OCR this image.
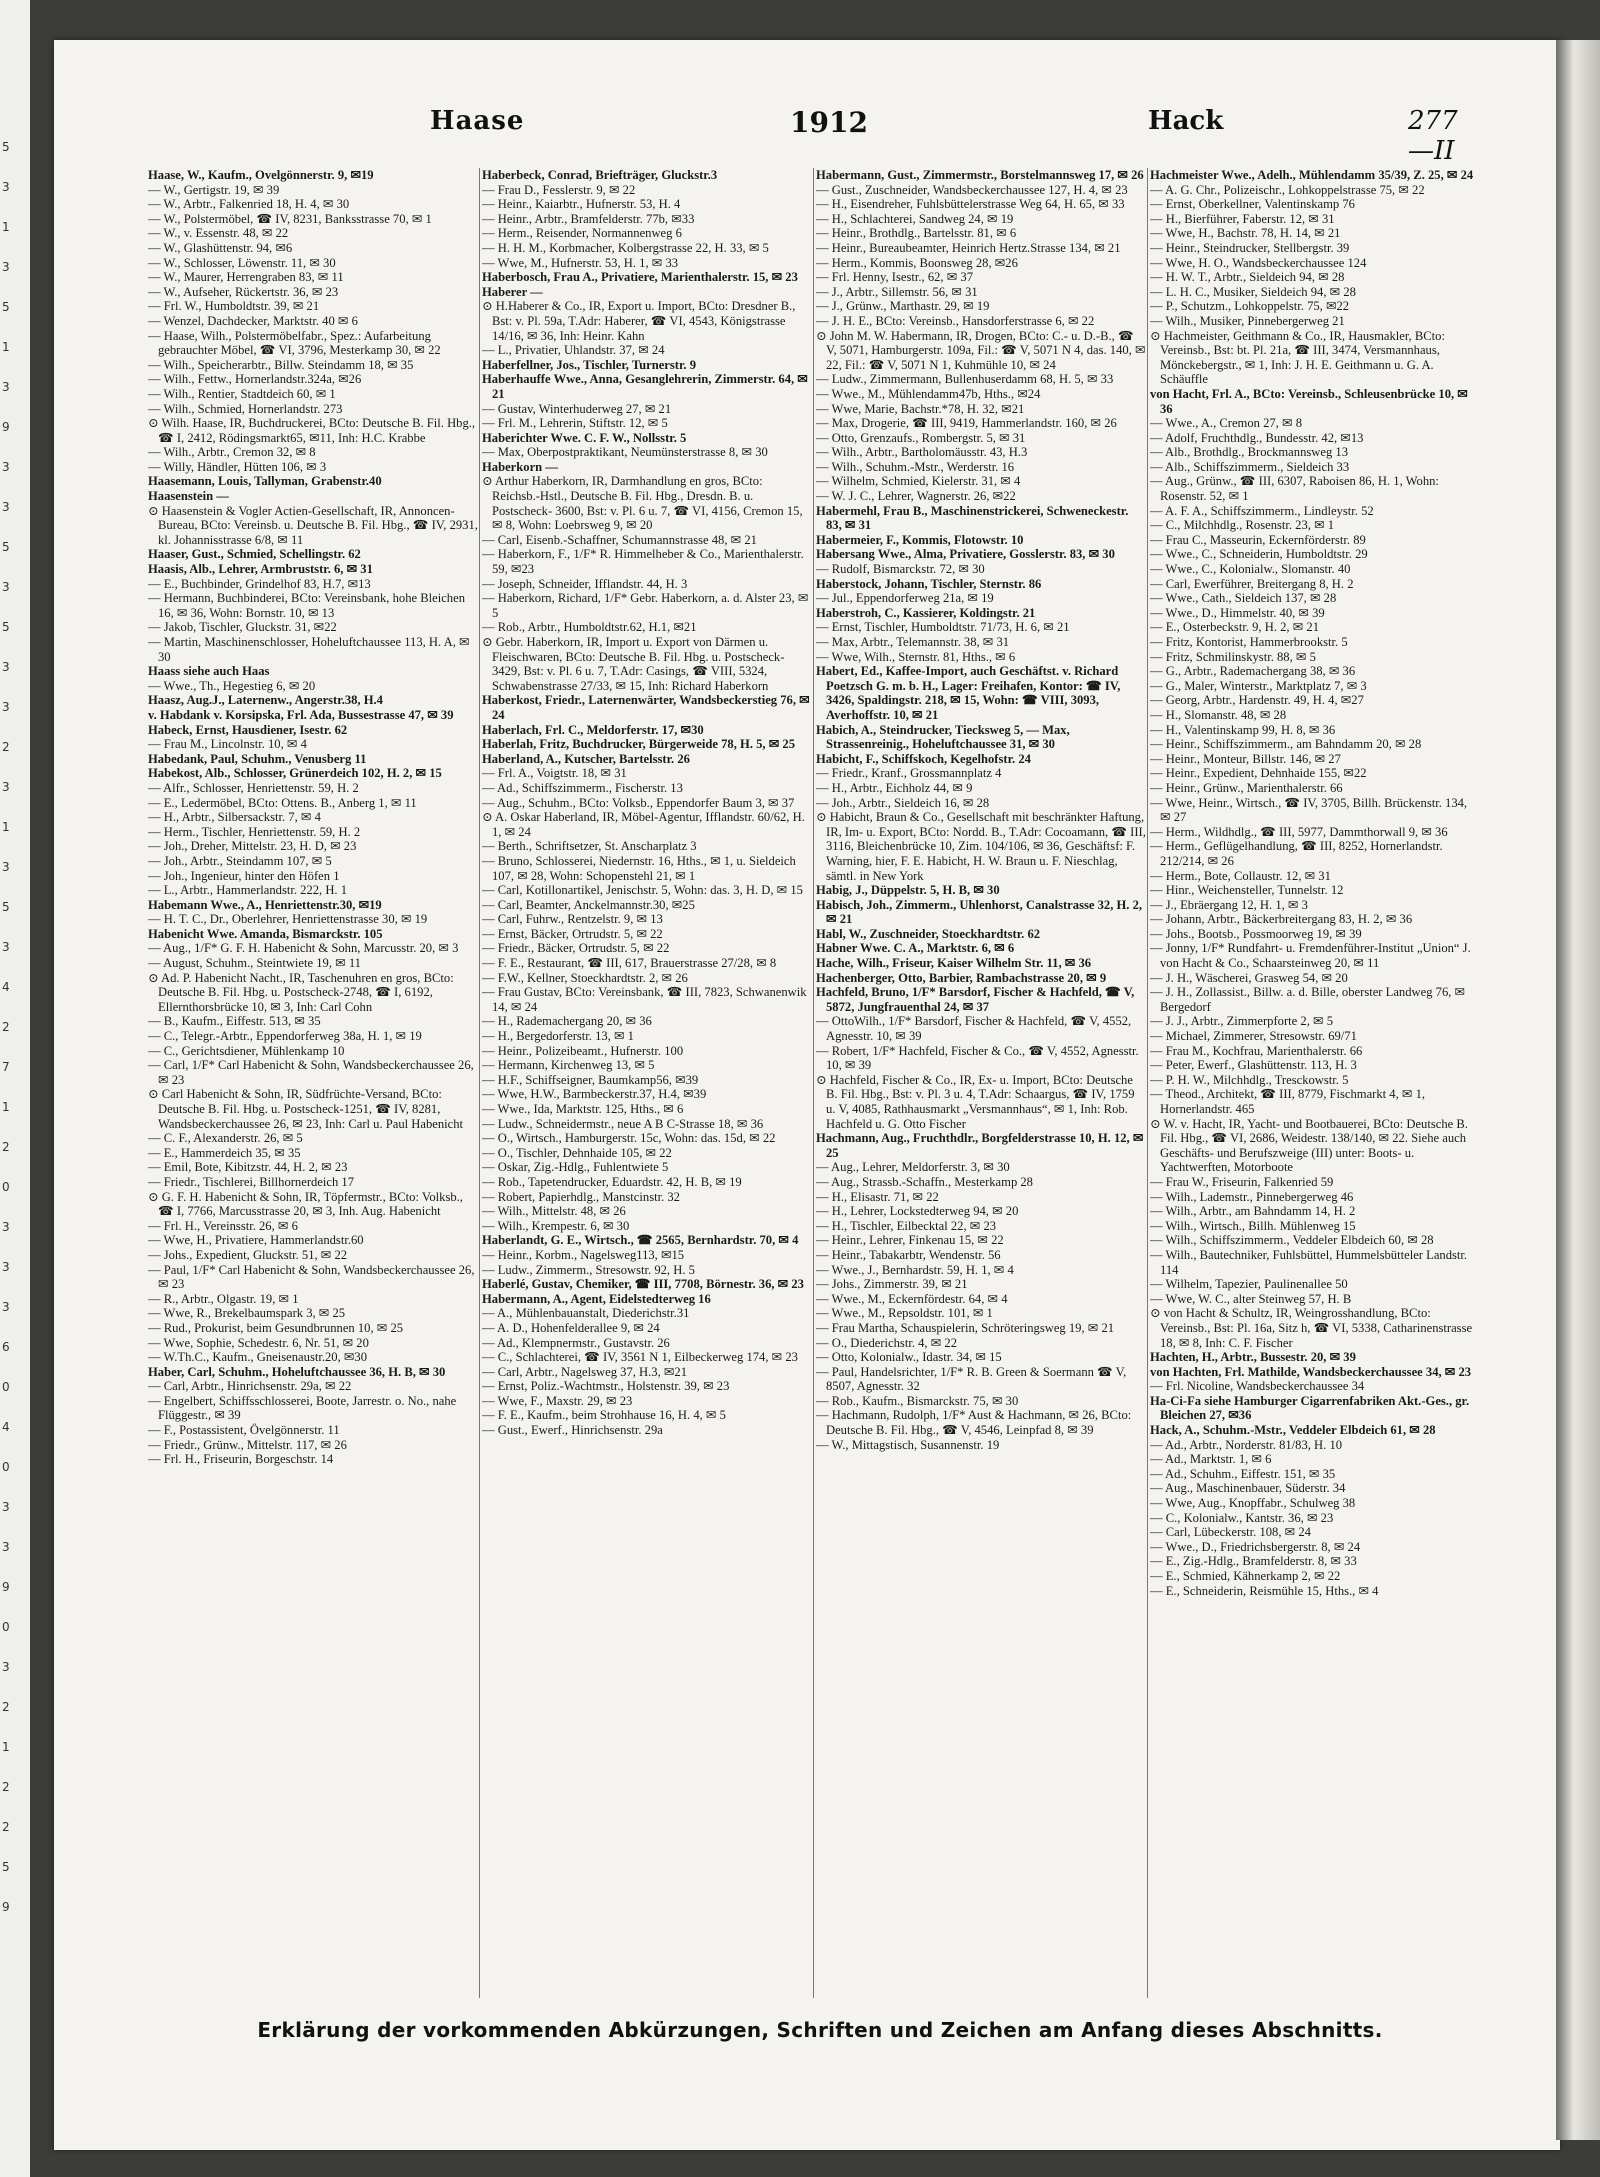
5
3
1
3
5
1
3
9
3
3
5
3
5
3
3
2
3
1
3
5
3
4
2
7
1
2
0
3
3
3
6
0
4
0
3
3
9
0
3
2
1
2
2
5
9
Haase	1912	Hack	277—II

Haase, W., Kaufm., Ovelgönnerstr. 9, ✉19

— W., Gertigstr. 19, ✉ 39

— W., Arbtr., Falkenried 18, H. 4, ✉ 30

— W., Polstermöbel, ☎ IV, 8231, Banksstrasse 70, ✉ 1

— W., v. Essenstr. 48, ✉ 22

— W., Glashüttenstr. 94, ✉6

— W., Schlosser, Löwenstr. 11, ✉ 30

— W., Maurer, Herrengraben 83, ✉ 11

— W., Aufseher, Rückertstr. 36, ✉ 23

— Frl. W., Humboldtstr. 39, ✉ 21

— Wenzel, Dachdecker, Marktstr. 40 ✉ 6

— Haase, Wilh., Polstermöbelfabr., Spez.: Aufarbeitung gebrauchter Möbel, ☎ VI, 3796, Mesterkamp 30, ✉ 22

— Wilh., Speicherarbtr., Billw. Steindamm 18, ✉ 35

— Wilh., Fettw., Hornerlandstr.324a, ✉26

— Wilh., Rentier, Stadtdeich 60, ✉ 1

— Wilh., Schmied, Hornerlandstr. 273

⊙ Wilh. Haase, IR, Buchdruckerei, BCto: Deutsche B. Fil. Hbg., ☎ I, 2412, Rödingsmarkt65, ✉11, Inh: H.C. Krabbe

— Wilh., Arbtr., Cremon 32, ✉ 8

— Willy, Händler, Hütten 106, ✉ 3

Haasemann, Louis, Tallyman, Grabenstr.40

Haasenstein —

⊙ Haasenstein & Vogler Actien-Gesellschaft, IR, Annoncen-Bureau, BCto: Vereinsb. u. Deutsche B. Fil. Hbg., ☎ IV, 2931, kl. Johannisstrasse 6/8, ✉ 11

Haaser, Gust., Schmied, Schellingstr. 62

Haasis, Alb., Lehrer, Armbruststr. 6, ✉ 31

— E., Buchbinder, Grindelhof 83, H.7, ✉13

— Hermann, Buchbinderei, BCto: Vereinsbank, hohe Bleichen 16, ✉ 36, Wohn: Bornstr. 10, ✉ 13

— Jakob, Tischler, Gluckstr. 31, ✉22

— Martin, Maschinenschlosser, Hoheluftchaussee 113, H. A, ✉ 30

Haass siehe auch Haas

— Wwe., Th., Hegestieg 6, ✉ 20

Haasz, Aug.J., Laternenw., Angerstr.38, H.4

v. Habdank v. Korsipska, Frl. Ada, Bussestrasse 47, ✉ 39

Habeck, Ernst, Hausdiener, Isestr. 62

— Frau M., Lincolnstr. 10, ✉ 4

Habedank, Paul, Schuhm., Venusberg 11

Habekost, Alb., Schlosser, Grünerdeich 102, H. 2, ✉ 15

— Alfr., Schlosser, Henriettenstr. 59, H. 2

— E., Ledermöbel, BCto: Ottens. B., Anberg 1, ✉ 11

— H., Arbtr., Silbersackstr. 7, ✉ 4

— Herm., Tischler, Henriettenstr. 59, H. 2

— Joh., Dreher, Mittelstr. 23, H. D, ✉ 23

— Joh., Arbtr., Steindamm 107, ✉ 5

— Joh., Ingenieur, hinter den Höfen 1

— L., Arbtr., Hammerlandstr. 222, H. 1

Habemann Wwe., A., Henriettenstr.30, ✉19

— H. T. C., Dr., Oberlehrer, Henriettenstrasse 30, ✉ 19

Habenicht Wwe. Amanda, Bismarckstr. 105

— Aug., 1/F* G. F. H. Habenicht & Sohn, Marcusstr. 20, ✉ 3

— August, Schuhm., Steintwiete 19, ✉ 11

⊙ Ad. P. Habenicht Nacht., IR, Taschenuhren en gros, BCto: Deutsche B. Fil. Hbg. u. Postscheck-2748, ☎ I, 6192, Ellernthorsbrücke 10, ✉ 3, Inh: Carl Cohn

— B., Kaufm., Eiffestr. 513, ✉ 35

— C., Telegr.-Arbtr., Eppendorferweg 38a, H. 1, ✉ 19

— C., Gerichtsdiener, Mühlenkamp 10

— Carl, 1/F* Carl Habenicht & Sohn, Wandsbeckerchaussee 26, ✉ 23

⊙ Carl Habenicht & Sohn, IR, Südfrüchte-Versand, BCto: Deutsche B. Fil. Hbg. u. Postscheck-1251, ☎ IV, 8281, Wandsbeckerchaussee 26, ✉ 23, Inh: Carl u. Paul Habenicht

— C. F., Alexanderstr. 26, ✉ 5

— E., Hammerdeich 35, ✉ 35

— Emil, Bote, Kibitzstr. 44, H. 2, ✉ 23

— Friedr., Tischlerei, Billhornerdeich 17

⊙ G. F. H. Habenicht & Sohn, IR, Töpfermstr., BCto: Volksb., ☎ I, 7766, Marcusstrasse 20, ✉ 3, Inh. Aug. Habenicht

— Frl. H., Vereinsstr. 26, ✉ 6

— Wwe, H., Privatiere, Hammerlandstr.60

— Johs., Expedient, Gluckstr. 51, ✉ 22

— Paul, 1/F* Carl Habenicht & Sohn, Wandsbeckerchaussee 26, ✉ 23

— R., Arbtr., Olgastr. 19, ✉ 1

— Wwe, R., Brekelbaumspark 3, ✉ 25

— Rud., Prokurist, beim Gesundbrunnen 10, ✉ 25

— Wwe, Sophie, Schedestr. 6, Nr. 51, ✉ 20

— W.Th.C., Kaufm., Gneisenaustr.20, ✉30

Haber, Carl, Schuhm., Hoheluftchaussee 36, H. B, ✉ 30

— Carl, Arbtr., Hinrichsenstr. 29a, ✉ 22

— Engelbert, Schiffsschlosserei, Boote, Jarrestr. o. No., nahe Flüggestr., ✉ 39

— F., Postassistent, Övelgönnerstr. 11

— Friedr., Grünw., Mittelstr. 117, ✉ 26

— Frl. H., Friseurin, Borgeschstr. 14

Haberbeck, Conrad, Briefträger, Gluckstr.3

— Frau D., Fesslerstr. 9, ✉ 22

— Heinr., Kaiarbtr., Hufnerstr. 53, H. 4

— Heinr., Arbtr., Bramfelderstr. 77b, ✉33

— Herm., Reisender, Normannenweg 6

— H. H. M., Korbmacher, Kolbergstrasse 22, H. 33, ✉ 5

— Wwe, M., Hufnerstr. 53, H. 1, ✉ 33

Haberbosch, Frau A., Privatiere, Marienthalerstr. 15, ✉ 23

Haberer —

⊙ H.Haberer & Co., IR, Export u. Import, BCto: Dresdner B., Bst: v. Pl. 59a, T.Adr: Haberer, ☎ VI, 4543, Königstrasse 14/16, ✉ 36, Inh: Heinr. Kahn

— L., Privatier, Uhlandstr. 37, ✉ 24

Haberfellner, Jos., Tischler, Turnerstr. 9

Haberhauffe Wwe., Anna, Gesanglehrerin, Zimmerstr. 64, ✉ 21

— Gustav, Winterhuderweg 27, ✉ 21

— Frl. M., Lehrerin, Stiftstr. 12, ✉ 5

Haberichter Wwe. C. F. W., Nollsstr. 5

— Max, Oberpostpraktikant, Neumünsterstrasse 8, ✉ 30

Haberkorn —

⊙ Arthur Haberkorn, IR, Darmhandlung en gros, BCto: Reichsb.-Hstl., Deutsche B. Fil. Hbg., Dresdn. B. u. Postscheck- 3600, Bst: v. Pl. 6 u. 7, ☎ VI, 4156, Cremon 15, ✉ 8, Wohn: Loebrsweg 9, ✉ 20

— Carl, Eisenb.-Schaffner, Schumannstrasse 48, ✉ 21

— Haberkorn, F., 1/F* R. Himmelheber & Co., Marienthalerstr. 59, ✉23

— Joseph, Schneider, Ifflandstr. 44, H. 3

— Haberkorn, Richard, 1/F* Gebr. Haberkorn, a. d. Alster 23, ✉ 5

— Rob., Arbtr., Humboldtstr.62, H.1, ✉21

⊙ Gebr. Haberkorn, IR, Import u. Export von Därmen u. Fleischwaren, BCto: Deutsche B. Fil. Hbg. u. Postscheck- 3429, Bst: v. Pl. 6 u. 7, T.Adr: Casings, ☎ VIII, 5324, Schwabenstrasse 27/33, ✉ 15, Inh: Richard Haberkorn

Haberkost, Friedr., Laternenwärter, Wandsbeckerstieg 76, ✉ 24

Haberlach, Frl. C., Meldorferstr. 17, ✉30

Haberlah, Fritz, Buchdrucker, Bürgerweide 78, H. 5, ✉ 25

Haberland, A., Kutscher, Bartelsstr. 26

— Frl. A., Voigtstr. 18, ✉ 31

— Ad., Schiffszimmerm., Fischerstr. 13

— Aug., Schuhm., BCto: Volksb., Eppendorfer Baum 3, ✉ 37

⊙ A. Oskar Haberland, IR, Möbel-Agentur, Ifflandstr. 60/62, H. 1, ✉ 24

— Berth., Schriftsetzer, St. Anscharplatz 3

— Bruno, Schlosserei, Niedernstr. 16, Hths., ✉ 1, u. Sieldeich 107, ✉ 28, Wohn: Schopenstehl 21, ✉ 1

— Carl, Kotillonartikel, Jenischstr. 5, Wohn: das. 3, H. D, ✉ 15

— Carl, Beamter, Anckelmannstr.30, ✉25

— Carl, Fuhrw., Rentzelstr. 9, ✉ 13

— Ernst, Bäcker, Ortrudstr. 5, ✉ 22

— Friedr., Bäcker, Ortrudstr. 5, ✉ 22

— F. E., Restaurant, ☎ III, 617, Brauerstrasse 27/28, ✉ 8

— F.W., Kellner, Stoeckhardtstr. 2, ✉ 26

— Frau Gustav, BCto: Vereinsbank, ☎ III, 7823, Schwanenwik 14, ✉ 24

— H., Rademachergang 20, ✉ 36

— H., Bergedorferstr. 13, ✉ 1

— Heinr., Polizeibeamt., Hufnerstr. 100

— Hermann, Kirchenweg 13, ✉ 5

— H.F., Schiffseigner, Baumkamp56, ✉39

— Wwe, H.W., Barmbeckerstr.37, H.4, ✉39

— Wwe., Ida, Marktstr. 125, Hths., ✉ 6

— Ludw., Schneidermstr., neue A B C-Strasse 18, ✉ 36

— O., Wirtsch., Hamburgerstr. 15c, Wohn: das. 15d, ✉ 22

— O., Tischler, Dehnhaide 105, ✉ 22

— Oskar, Zig.-Hdlg., Fuhlentwiete 5

— Rob., Tapetendrucker, Eduardstr. 42, H. B, ✉ 19

— Robert, Papierhdlg., Manstcinstr. 32

— Wilh., Mittelstr. 48, ✉ 26

— Wilh., Krempestr. 6, ✉ 30

Haberlandt, G. E., Wirtsch., ☎ 2565, Bernhardstr. 70, ✉ 4

— Heinr., Korbm., Nagelsweg113, ✉15

— Ludw., Zimmerm., Stresowstr. 92, H. 5

Haberlé, Gustav, Chemiker, ☎ III, 7708, Börnestr. 36, ✉ 23

Habermann, A., Agent, Eidelstedterweg 16

— A., Mühlenbauanstalt, Diederichstr.31

— A. D., Hohenfelderallee 9, ✉ 24

— Ad., Klempnermstr., Gustavstr. 26

— C., Schlachterei, ☎ IV, 3561 N 1, Eilbeckerweg 174, ✉ 23

— Carl, Arbtr., Nagelsweg 37, H.3, ✉21

— Ernst, Poliz.-Wachtmstr., Holstenstr. 39, ✉ 23

— Wwe, F., Maxstr. 29, ✉ 23

— F. E., Kaufm., beim Strohhause 16, H. 4, ✉ 5

— Gust., Ewerf., Hinrichsenstr. 29a

Habermann, Gust., Zimmermstr., Borstelmannsweg 17, ✉ 26

— Gust., Zuschneider, Wandsbeckerchaussee 127, H. 4, ✉ 23

— H., Eisendreher, Fuhlsbüttelerstrasse Weg 64, H. 65, ✉ 33

— H., Schlachterei, Sandweg 24, ✉ 19

— Heinr., Brothdlg., Bartelsstr. 81, ✉ 6

— Heinr., Bureaubeamter, Heinrich Hertz.Strasse 134, ✉ 21

— Herm., Kommis, Boonsweg 28, ✉26

— Frl. Henny, Isestr., 62, ✉ 37

— J., Arbtr., Sillemstr. 56, ✉ 31

— J., Grünw., Marthastr. 29, ✉ 19

— J. H. E., BCto: Vereinsb., Hansdorferstrasse 6, ✉ 22

⊙ John M. W. Habermann, IR, Drogen, BCto: C.- u. D.-B., ☎ V, 5071, Hamburgerstr. 109a, Fil.: ☎ V, 5071 N 4, das. 140, ✉ 22, Fil.: ☎ V, 5071 N 1, Kuhmühle 10, ✉ 24

— Ludw., Zimmermann, Bullenhuserdamm 68, H. 5, ✉ 33

— Wwe., M., Mühlendamm47b, Hths., ✉24

— Wwe, Marie, Bachstr.*78, H. 32, ✉21

— Max, Drogerie, ☎ III, 9419, Hammerlandstr. 160, ✉ 26

— Otto, Grenzaufs., Rombergstr. 5, ✉ 31

— Wilh., Arbtr., Bartholomäusstr. 43, H.3

— Wilh., Schuhm.-Mstr., Werderstr. 16

— Wilhelm, Schmied, Kielerstr. 31, ✉ 4

— W. J. C., Lehrer, Wagnerstr. 26, ✉22

Habermehl, Frau B., Maschinenstrickerei, Schweneckestr. 83, ✉ 31

Habermeier, F., Kommis, Flotowstr. 10

Habersang Wwe., Alma, Privatiere, Gosslerstr. 83, ✉ 30

— Rudolf, Bismarckstr. 72, ✉ 30

Haberstock, Johann, Tischler, Sternstr. 86

— Jul., Eppendorferweg 21a, ✉ 19

Haberstroh, C., Kassierer, Koldingstr. 21

— Ernst, Tischler, Humboldtstr. 71/73, H. 6, ✉ 21

— Max, Arbtr., Telemannstr. 38, ✉ 31

— Wwe, Wilh., Sternstr. 81, Hths., ✉ 6

Habert, Ed., Kaffee-Import, auch Geschäftst. v. Richard Poetzsch G. m. b. H., Lager: Freihafen, Kontor: ☎ IV, 3426, Spaldingstr. 218, ✉ 15, Wohn: ☎ VIII, 3093, Averhoffstr. 10, ✉ 21

Habich, A., Steindrucker, Tiecksweg 5, — Max, Strassenreinig., Hoheluftchaussee 31, ✉ 30

Habicht, F., Schiffskoch, Kegelhofstr. 24

— Friedr., Kranf., Grossmannplatz 4

— H., Arbtr., Eichholz 44, ✉ 9

— Joh., Arbtr., Sieldeich 16, ✉ 28

⊙ Habicht, Braun & Co., Gesellschaft mit beschränkter Haftung, IR, Im- u. Export, BCto: Nordd. B., T.Adr: Cocoamann, ☎ III, 3116, Bleichenbrücke 10, Zim. 104/106, ✉ 36, Geschäftsf: F. Warning, hier, F. E. Habicht, H. W. Braun u. F. Nieschlag, sämtl. in New York

Habig, J., Düppelstr. 5, H. B, ✉ 30

Habisch, Joh., Zimmerm., Uhlenhorst, Canalstrasse 32, H. 2, ✉ 21

Habl, W., Zuschneider, Stoeckhardtstr. 62

Habner Wwe. C. A., Marktstr. 6, ✉ 6

Hache, Wilh., Friseur, Kaiser Wilhelm Str. 11, ✉ 36

Hachenberger, Otto, Barbier, Rambachstrasse 20, ✉ 9

Hachfeld, Bruno, 1/F* Barsdorf, Fischer & Hachfeld, ☎ V, 5872, Jungfrauenthal 24, ✉ 37

— OttoWilh., 1/F* Barsdorf, Fischer & Hachfeld, ☎ V, 4552, Agnesstr. 10, ✉ 39

— Robert, 1/F* Hachfeld, Fischer & Co., ☎ V, 4552, Agnesstr. 10, ✉ 39

⊙ Hachfeld, Fischer & Co., IR, Ex- u. Import, BCto: Deutsche B. Fil. Hbg., Bst: v. Pl. 3 u. 4, T.Adr: Schaargus, ☎ IV, 1759 u. V, 4085, Rathhausmarkt „Versmannhaus“, ✉ 1, Inh: Rob. Hachfeld u. G. Otto Fischer

Hachmann, Aug., Fruchthdlr., Borgfelderstrasse 10, H. 12, ✉ 25

— Aug., Lehrer, Meldorferstr. 3, ✉ 30

— Aug., Strassb.-Schaffn., Mesterkamp 28

— H., Elisastr. 71, ✉ 22

— H., Lehrer, Lockstedterweg 94, ✉ 20

— H., Tischler, Eilbecktal 22, ✉ 23

— Heinr., Lehrer, Finkenau 15, ✉ 22

— Heinr., Tabakarbtr, Wendenstr. 56

— Wwe., J., Bernhardstr. 59, H. 1, ✉ 4

— Johs., Zimmerstr. 39, ✉ 21

— Wwe., M., Eckernfördestr. 64, ✉ 4

— Wwe., M., Repsoldstr. 101, ✉ 1

— Frau Martha, Schauspielerin, Schröteringsweg 19, ✉ 21

— O., Diederichstr. 4, ✉ 22

— Otto, Kolonialw., Idastr. 34, ✉ 15

— Paul, Handelsrichter, 1/F* R. B. Green & Soermann ☎ V, 8507, Agnesstr. 32

— Rob., Kaufm., Bismarckstr. 75, ✉ 30

— Hachmann, Rudolph, 1/F* Aust & Hachmann, ✉ 26, BCto: Deutsche B. Fil. Hbg., ☎ V, 4546, Leinpfad 8, ✉ 39

— W., Mittagstisch, Susannenstr. 19

Hachmeister Wwe., Adelh., Mühlendamm 35/39, Z. 25, ✉ 24

— A. G. Chr., Polizeischr., Lohkoppelstrasse 75, ✉ 22

— Ernst, Oberkellner, Valentinskamp 76

— H., Bierführer, Faberstr. 12, ✉ 31

— Wwe, H., Bachstr. 78, H. 14, ✉ 21

— Heinr., Steindrucker, Stellbergstr. 39

— Wwe, H. O., Wandsbeckerchaussee 124

— H. W. T., Arbtr., Sieldeich 94, ✉ 28

— L. H. C., Musiker, Sieldeich 94, ✉ 28

— P., Schutzm., Lohkoppelstr. 75, ✉22

— Wilh., Musiker, Pinnebergerweg 21

⊙ Hachmeister, Geithmann & Co., IR, Hausmakler, BCto: Vereinsb., Bst: bt. Pl. 21a, ☎ III, 3474, Versmannhaus, Mönckebergstr., ✉ 1, Inh: J. H. E. Geithmann u. G. A. Schäuffle

von Hacht, Frl. A., BCto: Vereinsb., Schleusenbrücke 10, ✉ 36

— Wwe., A., Cremon 27, ✉ 8

— Adolf, Fruchthdlg., Bundesstr. 42, ✉13

— Alb., Brothdlg., Brockmannsweg 13

— Alb., Schiffszimmerm., Sieldeich 33

— Aug., Grünw., ☎ III, 6307, Raboisen 86, H. 1, Wohn: Rosenstr. 52, ✉ 1

— A. F. A., Schiffszimmerm., Lindleystr. 52

— C., Milchhdlg., Rosenstr. 23, ✉ 1

— Frau C., Masseurin, Eckernförderstr. 89

— Wwe., C., Schneiderin, Humboldtstr. 29

— Wwe., C., Kolonialw., Slomanstr. 40

— Carl, Ewerführer, Breitergang 8, H. 2

— Wwe., Cath., Sieldeich 137, ✉ 28

— Wwe., D., Himmelstr. 40, ✉ 39

— E., Osterbeckstr. 9, H. 2, ✉ 21

— Fritz, Kontorist, Hammerbrookstr. 5

— Fritz, Schmilinskystr. 88, ✉ 5

— G., Arbtr., Rademachergang 38, ✉ 36

— G., Maler, Winterstr., Marktplatz 7, ✉ 3

— Georg, Arbtr., Hardenstr. 49, H. 4, ✉27

— H., Slomanstr. 48, ✉ 28

— H., Valentinskamp 99, H. 8, ✉ 36

— Heinr., Schiffszimmerm., am Bahndamm 20, ✉ 28

— Heinr., Monteur, Billstr. 146, ✉ 27

— Heinr., Expedient, Dehnhaide 155, ✉22

— Heinr., Grünw., Marienthalerstr. 66

— Wwe, Heinr., Wirtsch., ☎ IV, 3705, Billh. Brückenstr. 134, ✉ 27

— Herm., Wildhdlg., ☎ III, 5977, Dammthorwall 9, ✉ 36

— Herm., Geflügelhandlung, ☎ III, 8252, Hornerlandstr. 212/214, ✉ 26

— Herm., Bote, Collaustr. 12, ✉ 31

— Hinr., Weichensteller, Tunnelstr. 12

— J., Ebräergang 12, H. 1, ✉ 3

— Johann, Arbtr., Bäckerbreitergang 83, H. 2, ✉ 36

— Johs., Bootsb., Possmoorweg 19, ✉ 39

— Jonny, 1/F* Rundfahrt- u. Fremdenführer-Institut „Union“ J. von Hacht & Co., Schaarsteinweg 20, ✉ 11

— J. H., Wäscherei, Grasweg 54, ✉ 20

— J. H., Zollassist., Billw. a. d. Bille, oberster Landweg 76, ✉ Bergedorf

— J. J., Arbtr., Zimmerpforte 2, ✉ 5

— Michael, Zimmerer, Stresowstr. 69/71

— Frau M., Kochfrau, Marienthalerstr. 66

— Peter, Ewerf., Glashüttenstr. 113, H. 3

— P. H. W., Milchhdlg., Tresckowstr. 5

— Theod., Architekt, ☎ III, 8779, Fischmarkt 4, ✉ 1, Hornerlandstr. 465

⊙ W. v. Hacht, IR, Yacht- und Bootbauerei, BCto: Deutsche B. Fil. Hbg., ☎ VI, 2686, Weidestr. 138/140, ✉ 22. Siehe auch Geschäfts- und Berufszweige (III) unter: Boots- u. Yachtwerften, Motorboote

— Frau W., Friseurin, Falkenried 59

— Wilh., Lademstr., Pinnebergerweg 46

— Wilh., Arbtr., am Bahndamm 14, H. 2

— Wilh., Wirtsch., Billh. Mühlenweg 15

— Wilh., Schiffszimmerm., Veddeler Elbdeich 60, ✉ 28

— Wilh., Bautechniker, Fuhlsbüttel, Hummelsbütteler Landstr. 114

— Wilhelm, Tapezier, Paulinenallee 50

— Wwe, W. C., alter Steinweg 57, H. B

⊙ von Hacht & Schultz, IR, Weingrosshandlung, BCto: Vereinsb., Bst: Pl. 16a, Sitz h, ☎ VI, 5338, Catharinenstrasse 18, ✉ 8, Inh: C. F. Fischer

Hachten, H., Arbtr., Bussestr. 20, ✉ 39

von Hachten, Frl. Mathilde, Wandsbeckerchaussee 34, ✉ 23

— Frl. Nicoline, Wandsbeckerchaussee 34

Ha-Ci-Fa siehe Hamburger Cigarrenfabriken Akt.-Ges., gr. Bleichen 27, ✉36

Hack, A., Schuhm.-Mstr., Veddeler Elbdeich 61, ✉ 28

— Ad., Arbtr., Norderstr. 81/83, H. 10

— Ad., Marktstr. 1, ✉ 6

— Ad., Schuhm., Eiffestr. 151, ✉ 35

— Aug., Maschinenbauer, Süderstr. 34

— Wwe, Aug., Knopffabr., Schulweg 38

— C., Kolonialw., Kantstr. 36, ✉ 23

— Carl, Lübeckerstr. 108, ✉ 24

— Wwe., D., Friedrichsbergerstr. 8, ✉ 24

— E., Zig.-Hdlg., Bramfelderstr. 8, ✉ 33

— E., Schmied, Kähnerkamp 2, ✉ 22

— E., Schneiderin, Reismühle 15, Hths., ✉ 4

Erklärung der vorkommenden Abkürzungen, Schriften und Zeichen am Anfang dieses Abschnitts.
